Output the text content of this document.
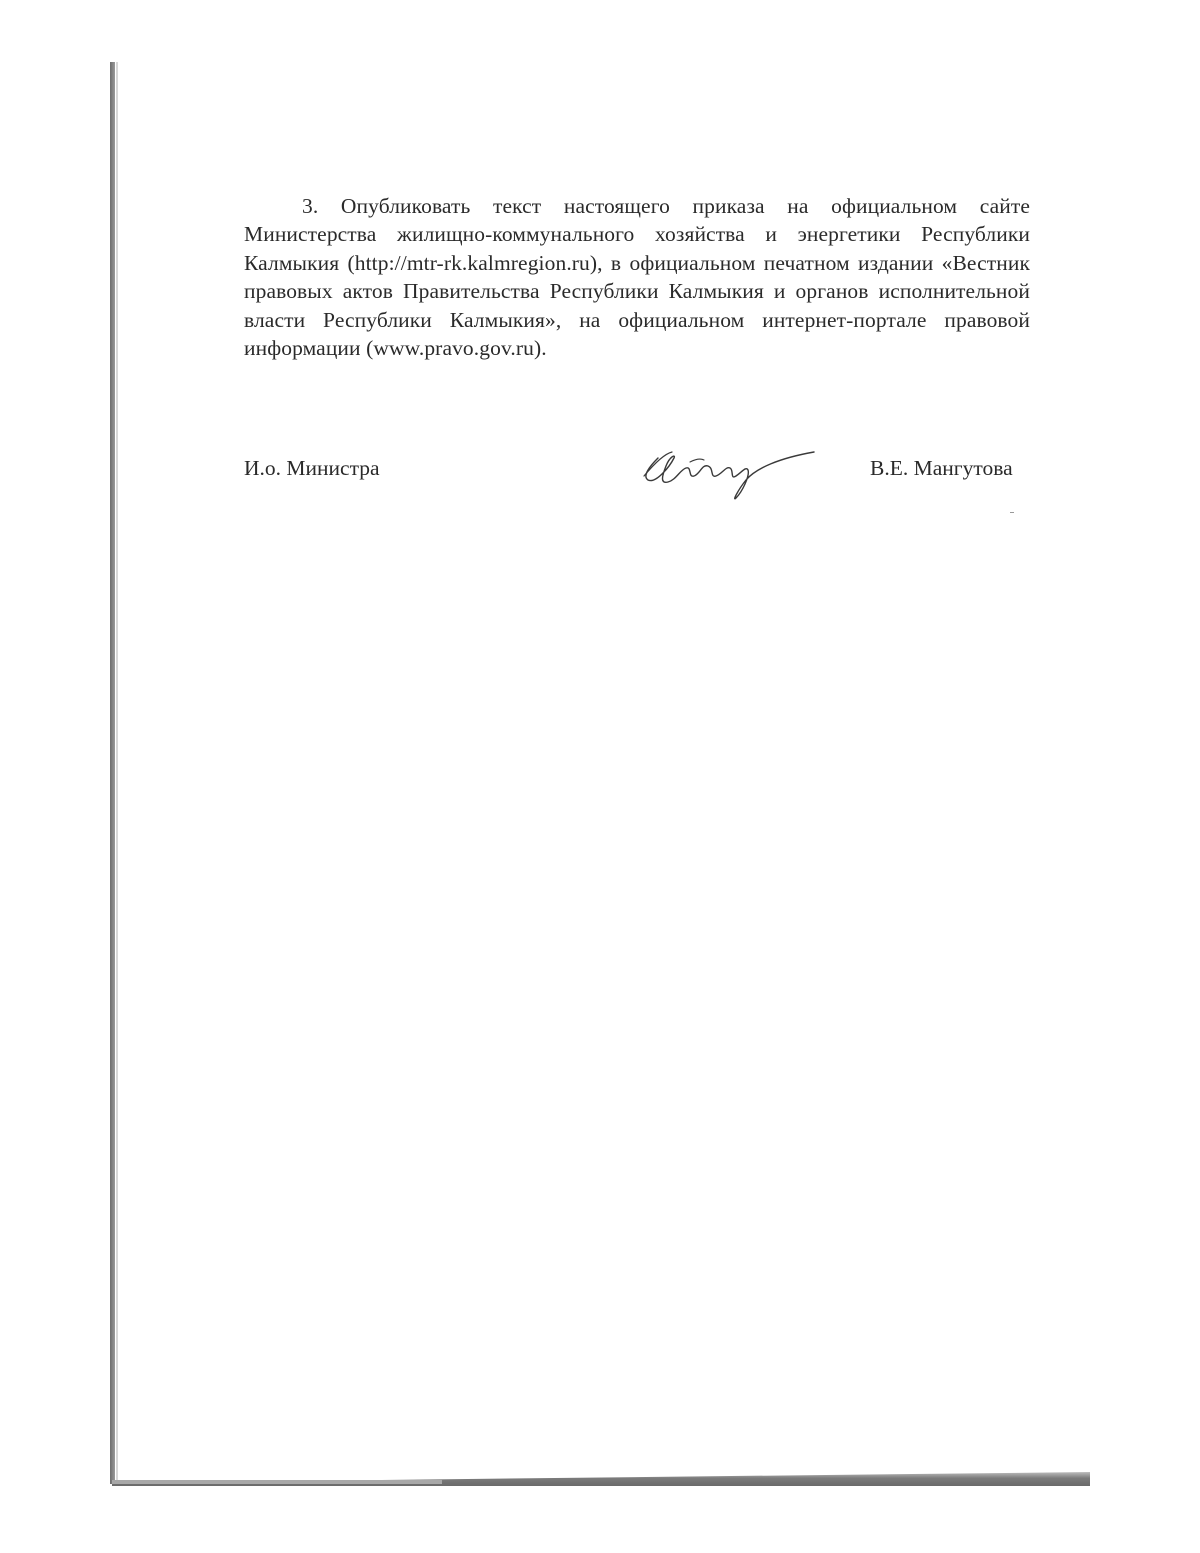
3. Опубликовать текст настоящего приказа на официальном сайте Министерства жилищно-коммунального хозяйства и энергетики Республики Калмыкия (http://mtr-rk.kalmregion.ru), в официальном печатном издании «Вестник правовых актов Правительства Республики Калмыкия и органов исполнительной власти Республики Калмыкия», на официальном интернет-портале правовой информации (www.pravo.gov.ru).

И.о. Министра	В.Е. Мангутова
